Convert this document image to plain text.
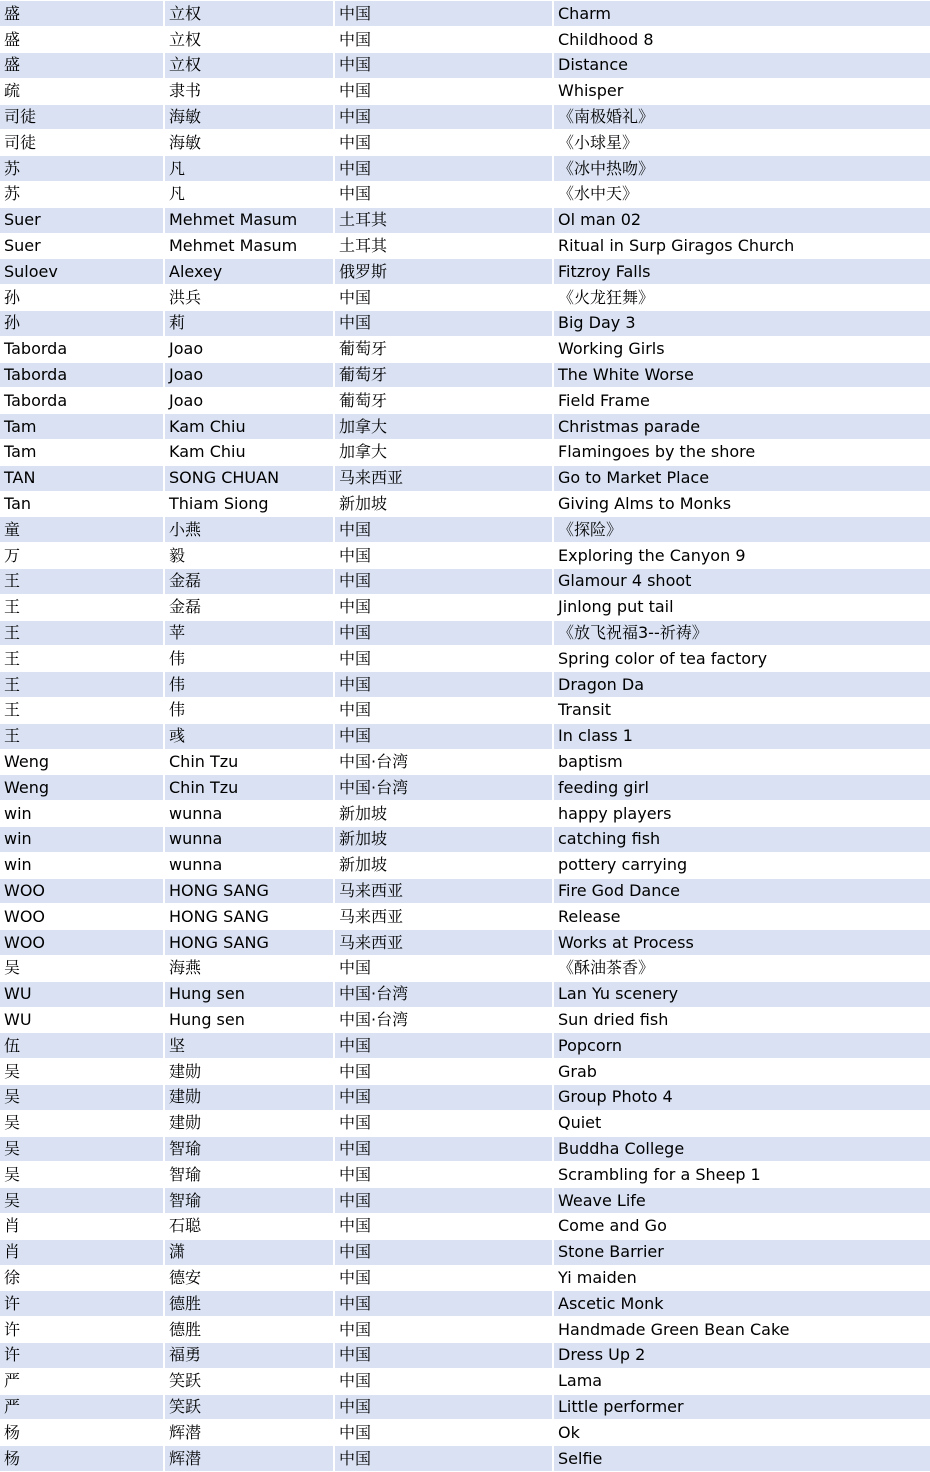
盛	立权	中国	Charm
盛	立权	中国	Childhood 8
盛	立权	中国	Distance
疏	隶书	中国	Whisper
司徒	海敏	中国	《南极婚礼》
司徒	海敏	中国	《小球星》
苏	凡	中国	《冰中热吻》
苏	凡	中国	《水中天》
Suer	Mehmet Masum	土耳其	Ol man 02
Suer	Mehmet Masum	土耳其	Ritual in Surp Giragos Church
Suloev	Alexey	俄罗斯	Fitzroy Falls
孙	洪兵	中国	《火龙狂舞》
孙	莉	中国	Big Day 3
Taborda	Joao	葡萄牙	Working Girls
Taborda	Joao	葡萄牙	The White Worse
Taborda	Joao	葡萄牙	Field Frame
Tam	Kam Chiu	加拿大	Christmas parade
Tam	Kam Chiu	加拿大	Flamingoes by the shore
TAN	SONG CHUAN	马来西亚	Go to Market Place
Tan	Thiam Siong	新加坡	Giving Alms to Monks
童	小燕	中国	《探险》
万	毅	中国	Exploring the Canyon 9
王	金磊	中国	Glamour 4 shoot
王	金磊	中国	Jinlong put tail
王	苹	中国	《放飞祝福3--祈祷》
王	伟	中国	Spring color of tea factory
王	伟	中国	Dragon Da
王	伟	中国	Transit
王	彧	中国	In class 1
Weng	Chin Tzu	中国·台湾	baptism
Weng	Chin Tzu	中国·台湾	feeding girl
win	wunna	新加坡	happy players
win	wunna	新加坡	catching fish
win	wunna	新加坡	pottery carrying
WOO	HONG SANG	马来西亚	Fire God Dance
WOO	HONG SANG	马来西亚	Release
WOO	HONG SANG	马来西亚	Works at Process
吴	海燕	中国	《酥油茶香》
WU	Hung sen	中国·台湾	Lan Yu scenery
WU	Hung sen	中国·台湾	Sun dried fish
伍	坚	中国	Popcorn
吴	建勋	中国	Grab
吴	建勋	中国	Group Photo 4
吴	建勋	中国	Quiet
吴	智瑜	中国	Buddha College
吴	智瑜	中国	Scrambling for a Sheep 1
吴	智瑜	中国	Weave Life
肖	石聪	中国	Come and Go
肖	潇	中国	Stone Barrier
徐	德安	中国	Yi maiden
许	德胜	中国	Ascetic Monk
许	德胜	中国	Handmade Green Bean Cake
许	福勇	中国	Dress Up 2
严	笑跃	中国	Lama
严	笑跃	中国	Little performer
杨	辉潜	中国	Ok
杨	辉潜	中国	Selfie
